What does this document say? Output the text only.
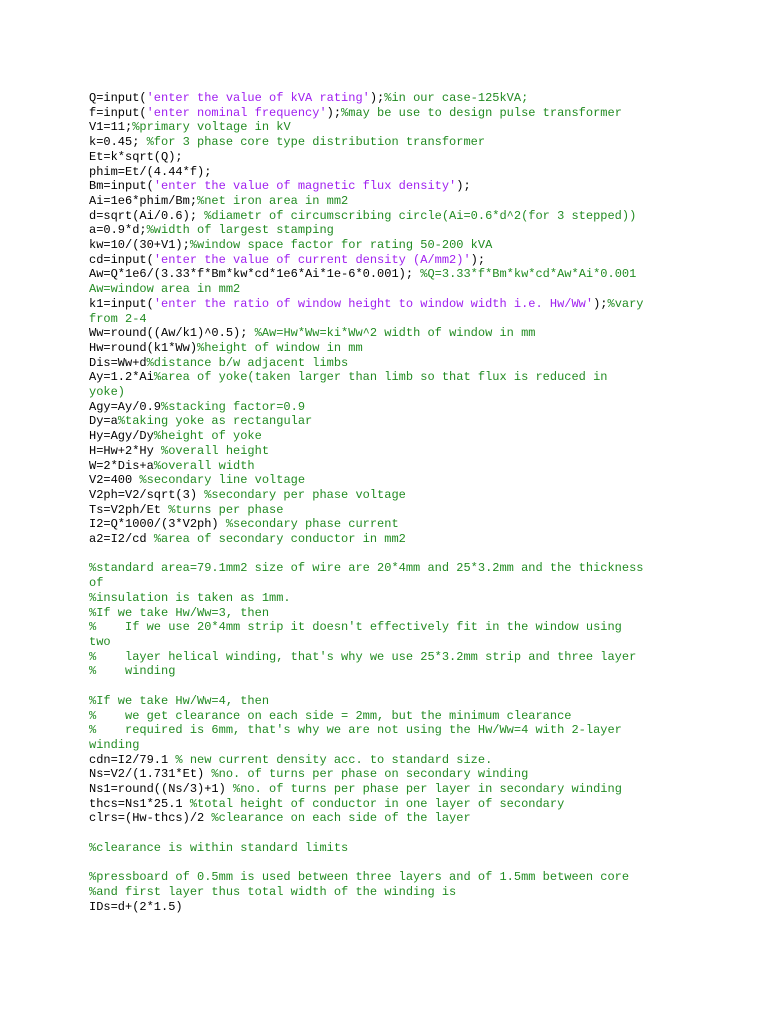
Q=input('enter the value of kVA rating');%in our case-125kVA;
f=input('enter nominal frequency');%may be use to design pulse transformer
V1=11;%primary voltage in kV
k=0.45; %for 3 phase core type distribution transformer
Et=k*sqrt(Q);
phim=Et/(4.44*f);
Bm=input('enter the value of magnetic flux density');
Ai=1e6*phim/Bm;%net iron area in mm2
d=sqrt(Ai/0.6); %diametr of circumscribing circle(Ai=0.6*d^2(for 3 stepped))
a=0.9*d;%width of largest stamping
kw=10/(30+V1);%window space factor for rating 50-200 kVA
cd=input('enter the value of current density (A/mm2)');
Aw=Q*1e6/(3.33*f*Bm*kw*cd*1e6*Ai*1e-6*0.001); %Q=3.33*f*Bm*kw*cd*Aw*Ai*0.001
Aw=window area in mm2
k1=input('enter the ratio of window height to window width i.e. Hw/Ww');%vary
from 2-4
Ww=round((Aw/k1)^0.5); %Aw=Hw*Ww=ki*Ww^2 width of window in mm
Hw=round(k1*Ww)%height of window in mm
Dis=Ww+d%distance b/w adjacent limbs
Ay=1.2*Ai%area of yoke(taken larger than limb so that flux is reduced in
yoke)
Agy=Ay/0.9%stacking factor=0.9
Dy=a%taking yoke as rectangular
Hy=Agy/Dy%height of yoke
H=Hw+2*Hy %overall height
W=2*Dis+a%overall width
V2=400 %secondary line voltage
V2ph=V2/sqrt(3) %secondary per phase voltage
Ts=V2ph/Et %turns per phase
I2=Q*1000/(3*V2ph) %secondary phase current
a2=I2/cd %area of secondary conductor in mm2
%standard area=79.1mm2 size of wire are 20*4mm and 25*3.2mm and the thickness
of
%insulation is taken as 1mm.
%If we take Hw/Ww=3, then
%    If we use 20*4mm strip it doesn't effectively fit in the window using
two
%    layer helical winding, that's why we use 25*3.2mm strip and three layer
%    winding
%If we take Hw/Ww=4, then
%    we get clearance on each side = 2mm, but the minimum clearance
%    required is 6mm, that's why we are not using the Hw/Ww=4 with 2-layer
winding
cdn=I2/79.1 % new current density acc. to standard size.
Ns=V2/(1.731*Et) %no. of turns per phase on secondary winding
Ns1=round((Ns/3)+1) %no. of turns per phase per layer in secondary winding
thcs=Ns1*25.1 %total height of conductor in one layer of secondary
clrs=(Hw-thcs)/2 %clearance on each side of the layer
%clearance is within standard limits
%pressboard of 0.5mm is used between three layers and of 1.5mm between core
%and first layer thus total width of the winding is
IDs=d+(2*1.5)
